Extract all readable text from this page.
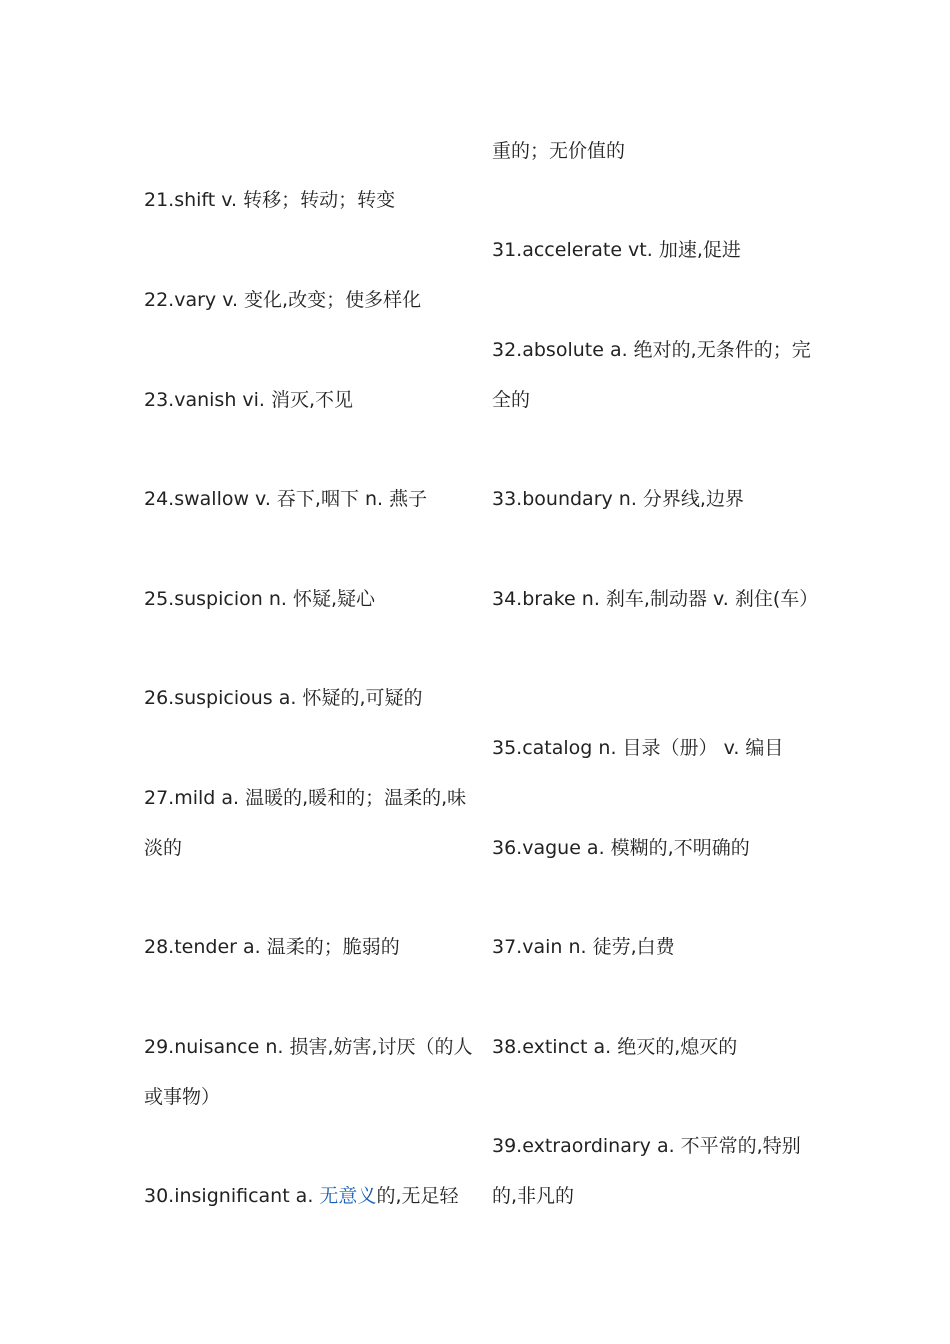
21.shift v. 转移；转动；转变
22.vary v. 变化,改变；使多样化
23.vanish vi. 消灭,不见
24.swallow v. 吞下,咽下 n. 燕子
25.suspicion n. 怀疑,疑心
26.suspicious a. 怀疑的,可疑的
27.mild a. 温暖的,暖和的；温柔的,味
淡的
28.tender a. 温柔的；脆弱的
29.nuisance n. 损害,妨害,讨厌（的人
或事物）
30.insignificant a. 无意义的,无足轻
重的；无价值的
31.accelerate vt. 加速,促进
32.absolute a. 绝对的,无条件的；完
全的
33.boundary n. 分界线,边界
34.brake n. 刹车,制动器 v. 刹住(车）
35.catalog n. 目录（册） v. 编目
36.vague a. 模糊的,不明确的
37.vain n. 徒劳,白费
38.extinct a. 绝灭的,熄灭的
39.extraordinary a. 不平常的,特别
的,非凡的
